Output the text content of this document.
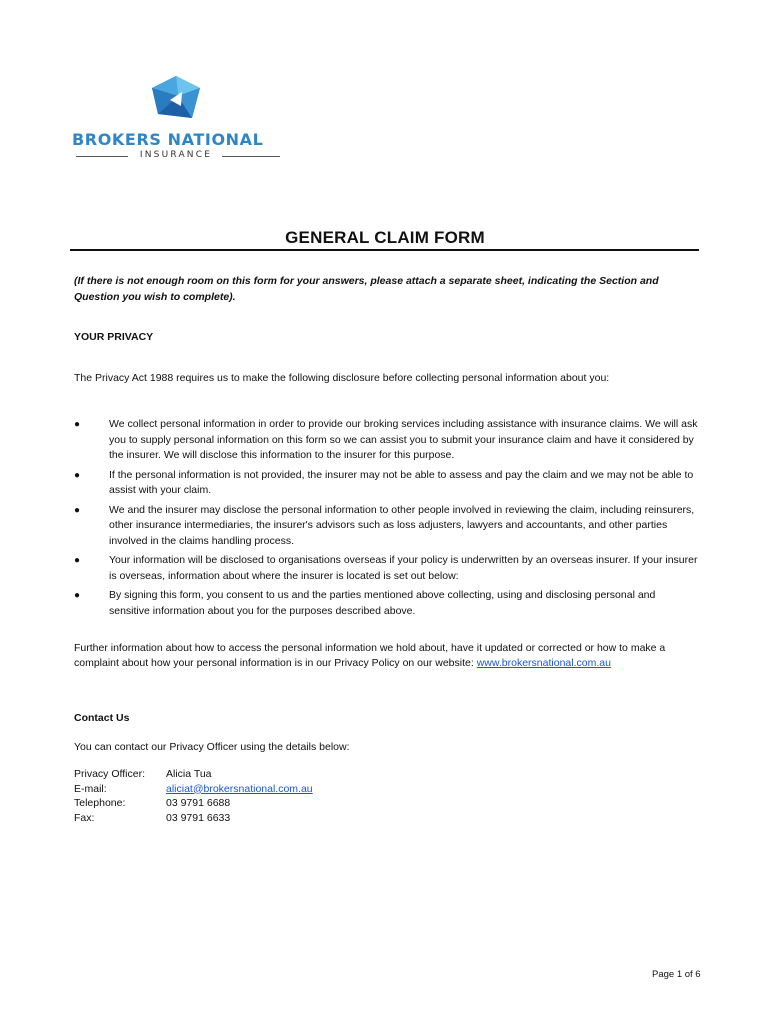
BROKERS NATIONAL
INSURANCE
GENERAL CLAIM FORM
(If there is not enough room on this form for your answers, please attach a separate sheet, indicating the Section and Question you wish to complete).
YOUR PRIVACY
The Privacy Act 1988 requires us to make the following disclosure before collecting personal information about you:
●	We collect personal information in order to provide our broking services including assistance with insurance claims. We will ask you to supply personal information on this form so we can assist you to submit your insurance claim and have it considered by the insurer. We will disclose this information to the insurer for this purpose.
●	If the personal information is not provided, the insurer may not be able to assess and pay the claim and we may not be able to assist with your claim.
●	We and the insurer may disclose the personal information to other people involved in reviewing the claim, including reinsurers, other insurance intermediaries, the insurer's advisors such as loss adjusters, lawyers and accountants, and other parties involved in the claims handling process.
●	Your information will be disclosed to organisations overseas if your policy is underwritten by an overseas insurer. If your insurer is overseas, information about where the insurer is located is set out below:
●	By signing this form, you consent to us and the parties mentioned above collecting, using and disclosing personal and sensitive information about you for the purposes described above.
Further information about how to access the personal information we hold about, have it updated or corrected or how to make a complaint about how your personal information is in our Privacy Policy on our website: www.brokersnational.com.au
Contact Us
You can contact our Privacy Officer using the details below:
Privacy Officer:	Alicia Tua
E-mail:	aliciat@brokersnational.com.au
Telephone:	03 9791 6688
Fax:	03 9791 6633
Page 1 of 6
